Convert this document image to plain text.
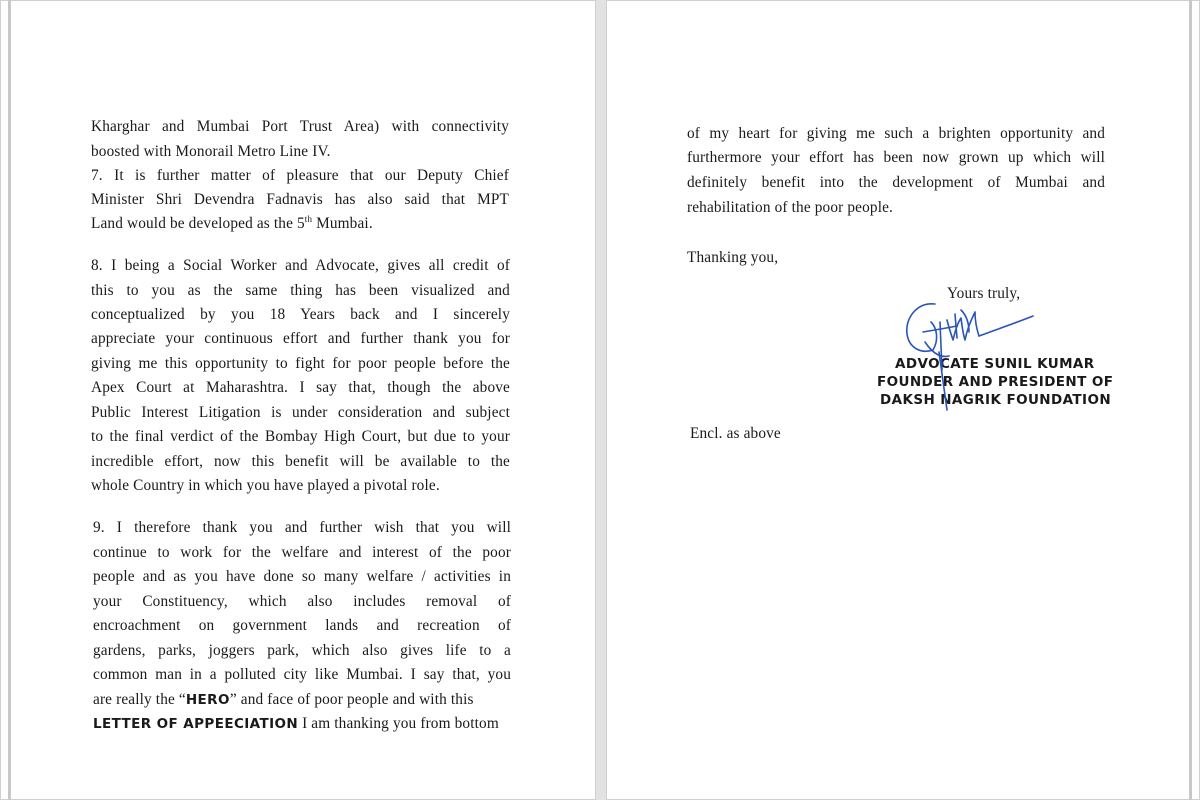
Kharghar and Mumbai Port Trust Area) with connectivity
boosted with Monorail Metro Line IV.
7. It is further matter of pleasure that our Deputy Chief
Minister Shri Devendra Fadnavis has also said that MPT
Land would be developed as the 5th Mumbai.
8. I being a Social Worker and Advocate, gives all credit of
this to you as the same thing has been visualized and
conceptualized by you 18 Years back and I sincerely
appreciate your continuous effort and further thank you for
giving me this opportunity to fight for poor people before the
Apex Court at Maharashtra. I say that, though the above
Public Interest Litigation is under consideration and subject
to the final verdict of the Bombay High Court, but due to your
incredible effort, now this benefit will be available to the
whole Country in which you have played a pivotal role.
9. I therefore thank you and further wish that you will
continue to work for the welfare and interest of the poor
people and as you have done so many welfare / activities in
your Constituency, which also includes removal of
encroachment on government lands and recreation of
gardens, parks, joggers park, which also gives life to a
common man in a polluted city like Mumbai. I say that, you
are really the “HERO” and face of poor people and with this
LETTER OF APPEECIATION I am thanking you from bottom
of my heart for giving me such a brighten opportunity and
furthermore your effort has been now grown up which will
definitely benefit into the development of Mumbai and
rehabilitation of the poor people.
Thanking you,
Yours truly,
ADVOCATE SUNIL KUMAR
FOUNDER AND PRESIDENT OF
DAKSH NAGRIK FOUNDATION
Encl. as above
